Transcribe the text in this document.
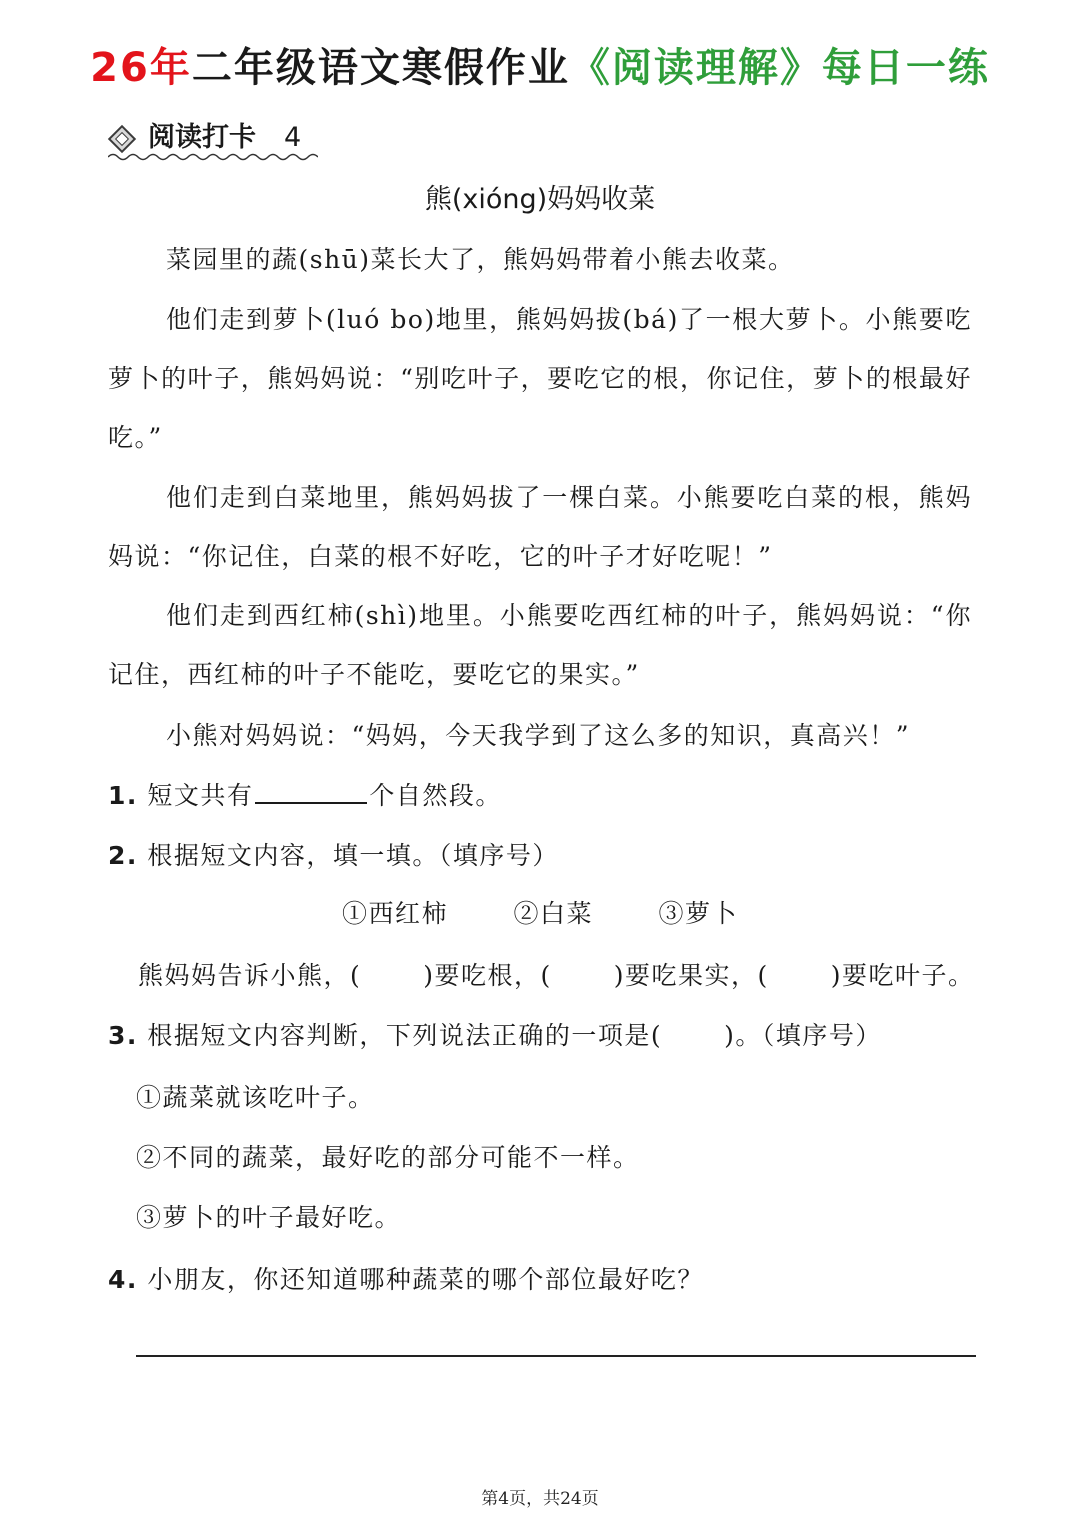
26年二年级语文寒假作业《阅读理解》每日一练
阅读打卡 4
熊(xióng)妈妈收菜
菜园里的蔬(shū)菜长大了，熊妈妈带着小熊去收菜。
他们走到萝卜(luó bo)地里，熊妈妈拔(bá)了一根大萝卜。小熊要吃萝卜的叶子，熊妈妈说：“别吃叶子，要吃它的根，你记住，萝卜的根最好吃。”
他们走到白菜地里，熊妈妈拔了一棵白菜。小熊要吃白菜的根，熊妈妈说：“你记住，白菜的根不好吃，它的叶子才好吃呢！”
他们走到西红柿(shì)地里。小熊要吃西红柿的叶子，熊妈妈说：“你记住，西红柿的叶子不能吃，要吃它的果实。”
小熊对妈妈说：“妈妈，今天我学到了这么多的知识，真高兴！”
1. 短文共有	个自然段。
2. 根据短文内容，填一填。（填序号）
①西红柿	②白菜	③萝卜
熊妈妈告诉小熊，( )要吃根，( )要吃果实，( )要吃叶子。
3. 根据短文内容判断，下列说法正确的一项是( )。（填序号）
①蔬菜就该吃叶子。
②不同的蔬菜，最好吃的部分可能不一样。
③萝卜的叶子最好吃。
4. 小朋友，你还知道哪种蔬菜的哪个部位最好吃？
第4页，共24页
